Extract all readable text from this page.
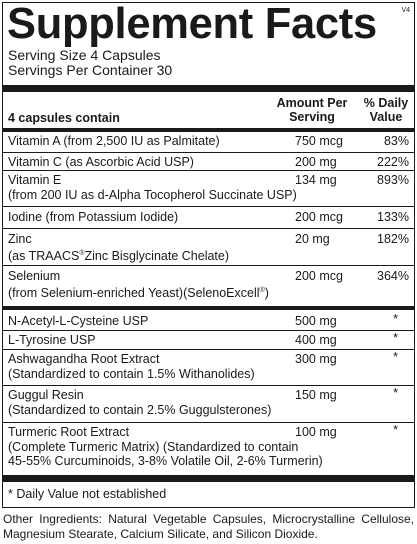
Supplement Facts	V4
Serving Size 4 Capsules
Servings Per Container 30
4 capsules contain
Amount Per
Serving
% Daily
Value
Vitamin A (from 2,500 IU as Palmitate)	750 mcg	83%
Vitamin C (as Ascorbic Acid USP)	200 mg	222%
Vitamin E
(from 200 IU as d-Alpha Tocopherol Succinate USP)
134 mg	893%
Iodine (from Potassium Iodide)	200 mcg	133%
Zinc
(as TRAACS®Zinc Bisglycinate Chelate)
20 mg	182%
Selenium
(from Selenium-enriched Yeast)(SelenoExcell®)
200 mcg	364%
N-Acetyl-L-Cysteine USP	500 mg	*
L-Tyrosine USP	400 mg	*
Ashwagandha Root Extract
(Standardized to contain 1.5% Withanolides)
300 mg	*
Guggul Resin
(Standardized to contain 2.5% Guggulsterones)
150 mg	*
Turmeric Root Extract
(Complete Turmeric Matrix) (Standardized to contain
45-55% Curcuminoids, 3-8% Volatile Oil, 2-6% Turmerin)
100 mg	*
* Daily Value not established
Other Ingredients: Natural Vegetable Capsules, Microcrystalline Cellulose, Magnesium Stearate, Calcium Silicate, and Silicon Dioxide.
